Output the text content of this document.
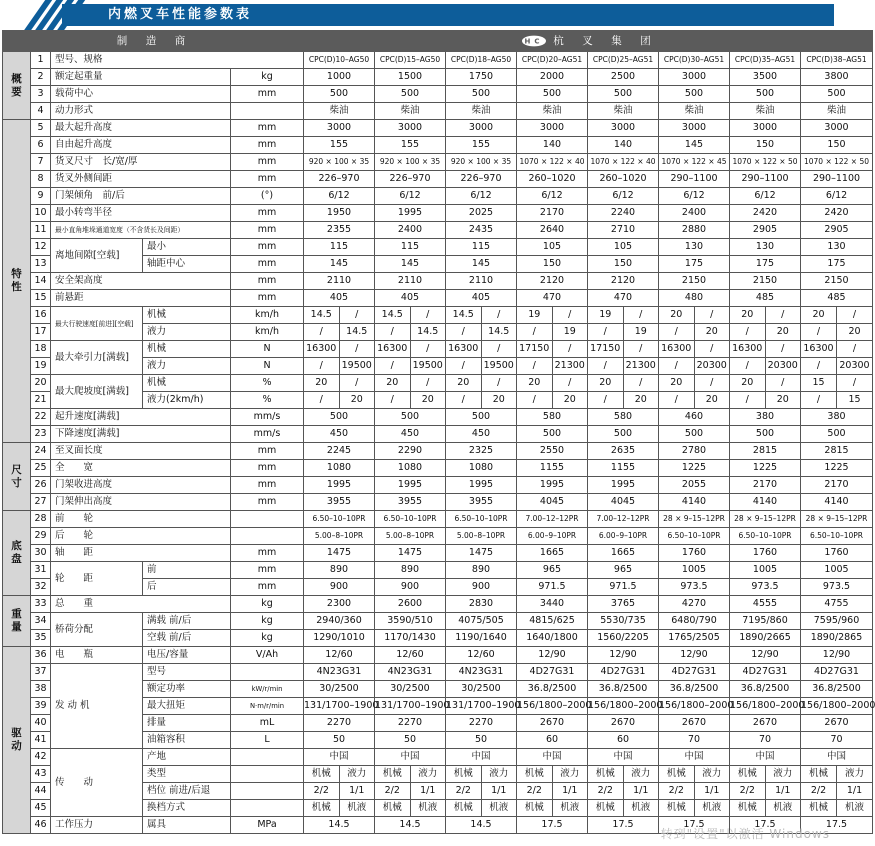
内燃叉车性能参数表
制　造　商					HC 杭　叉　集　团							
概要	1	型号、规格			CPC(D)10–AG50	CPC(D)15–AG50	CPC(D)18–AG50	CPC(D)20–AG51	CPC(D)25–AG51	CPC(D)30–AG51	CPC(D)35–AG51	CPC(D)38–AG51
	2	额定起重量		kg	1000	1500	1750	2000	2500	3000	3500	3800
	3	载荷中心		mm	500	500	500	500	500	500	500	500
	4	动力形式			柴油	柴油	柴油	柴油	柴油	柴油	柴油	柴油
特性	5	最大起升高度		mm	3000	3000	3000	3000	3000	3000	3000	3000
	6	自由起升高度		mm	155	155	155	140	140	145	150	150
	7	货叉尺寸　长/宽/厚		mm	920 × 100 × 35	920 × 100 × 35	920 × 100 × 35	1070 × 122 × 40	1070 × 122 × 40	1070 × 122 × 45	1070 × 122 × 50	1070 × 122 × 50
	8	货叉外侧间距		mm	226–970	226–970	226–970	260–1020	260–1020	290–1100	290–1100	290–1100
	9	门架倾角　前/后		(°)	6/12	6/12	6/12	6/12	6/12	6/12	6/12	6/12
	10	最小转弯半径		mm	1950	1995	2025	2170	2240	2400	2420	2420
	11	最小直角堆垛通道宽度（不含货长及间距）		mm	2355	2400	2435	2640	2710	2880	2905	2905
	12	离地间隙[空载]	最小	mm	115	115	115	105	105	130	130	130
	13		轴距中心	mm	145	145	145	150	150	175	175	175
	14	安全架高度		mm	2110	2110	2110	2120	2120	2150	2150	2150
	15	前悬距		mm	405	405	405	470	470	480	485	485
	16	最大行驶速度[前进][空载]	机械	km/h	14.5 /	14.5 /	14.5 /	19 /	19 /	20 /	20 /	20 /

	17		液力	km/h	/ 14.5	/ 14.5	/ 14.5	/ 19	/ 19	/ 20	/ 20	/ 20

	18	最大牵引力[满载]	机械	N	16300 /	16300 /	16300 /	17150 /	17150 /	16300 /	16300 /	16300 /

	19		液力	N	/ 19500	/ 19500	/ 19500	/ 21300	/ 21300	/ 20300	/ 20300	/ 20300

	20	最大爬坡度[满载]	机械	%	20 /	20 /	20 /	20 /	20 /	20 /	20 /	15 /

	21		液力(2km/h)	%	/ 20	/ 20	/ 20	/ 20	/ 20	/ 20	/ 20	/ 15

	22	起升速度[满载]		mm/s	500	500	500	580	580	460	380	380
	23	下降速度[满载]		mm/s	450	450	450	500	500	500	500	500
尺寸	24	至叉面长度		mm	2245	2290	2325	2550	2635	2780	2815	2815
	25	全　　宽		mm	1080	1080	1080	1155	1155	1225	1225	1225
	26	门架收进高度		mm	1995	1995	1995	1995	1995	2055	2170	2170
	27	门架伸出高度		mm	3955	3955	3955	4045	4045	4140	4140	4140
底盘	28	前　　轮			6.50–10–10PR	6.50–10–10PR	6.50–10–10PR	7.00–12–12PR	7.00–12–12PR	28 × 9–15–12PR	28 × 9–15–12PR	28 × 9–15–12PR
	29	后　　轮			5.00–8–10PR	5.00–8–10PR	5.00–8–10PR	6.00–9–10PR	6.00–9–10PR	6.50–10–10PR	6.50–10–10PR	6.50–10–10PR
	30	轴　　距		mm	1475	1475	1475	1665	1665	1760	1760	1760
	31	轮　　距	前	mm	890	890	890	965	965	1005	1005	1005
	32		后	mm	900	900	900	971.5	971.5	973.5	973.5	973.5
重量	33	总　　重		kg	2300	2600	2830	3440	3765	4270	4555	4755
	34	桥荷分配	满载 前/后	kg	2940/360	3590/510	4075/505	4815/625	5530/735	6480/790	7195/860	7595/960
	35		空载 前/后	kg	1290/1010	1170/1430	1190/1640	1640/1800	1560/2205	1765/2505	1890/2665	1890/2865
驱动	36	电　　瓶	电压/容量	V/Ah	12/60	12/60	12/60	12/90	12/90	12/90	12/90	12/90
	37	发 动 机	型号		4N23G31	4N23G31	4N23G31	4D27G31	4D27G31	4D27G31	4D27G31	4D27G31
	38		额定功率	kW/r/min	30/2500	30/2500	30/2500	36.8/2500	36.8/2500	36.8/2500	36.8/2500	36.8/2500
	39		最大扭矩	N·m/r/min	131/1700–1900	131/1700–1900	131/1700–1900	156/1800–2000	156/1800–2000	156/1800–2000	156/1800–2000	156/1800–2000
	40		排量	mL	2270	2270	2270	2670	2670	2670	2670	2670
	41		油箱容积	L	50	50	50	60	60	70	70	70
	42	传　　动	产地		中国	中国	中国	中国	中国	中国	中国	中国
	43		类型		机械 液力	机械 液力	机械 液力	机械 液力	机械 液力	机械 液力	机械 液力	机械 液力

	44		档位 前进/后退		2/2 1/1	2/2 1/1	2/2 1/1	2/2 1/1	2/2 1/1	2/2 1/1	2/2 1/1	2/2 1/1

	45		换档方式		机械 机液	机械 机液	机械 机液	机械 机液	机械 机液	机械 机液	机械 机液	机械 机液

	46	工作压力	属具	MPa	14.5	14.5	14.5	17.5	17.5	17.5	17.5	17.5
转到"设置"以激活 Windows
